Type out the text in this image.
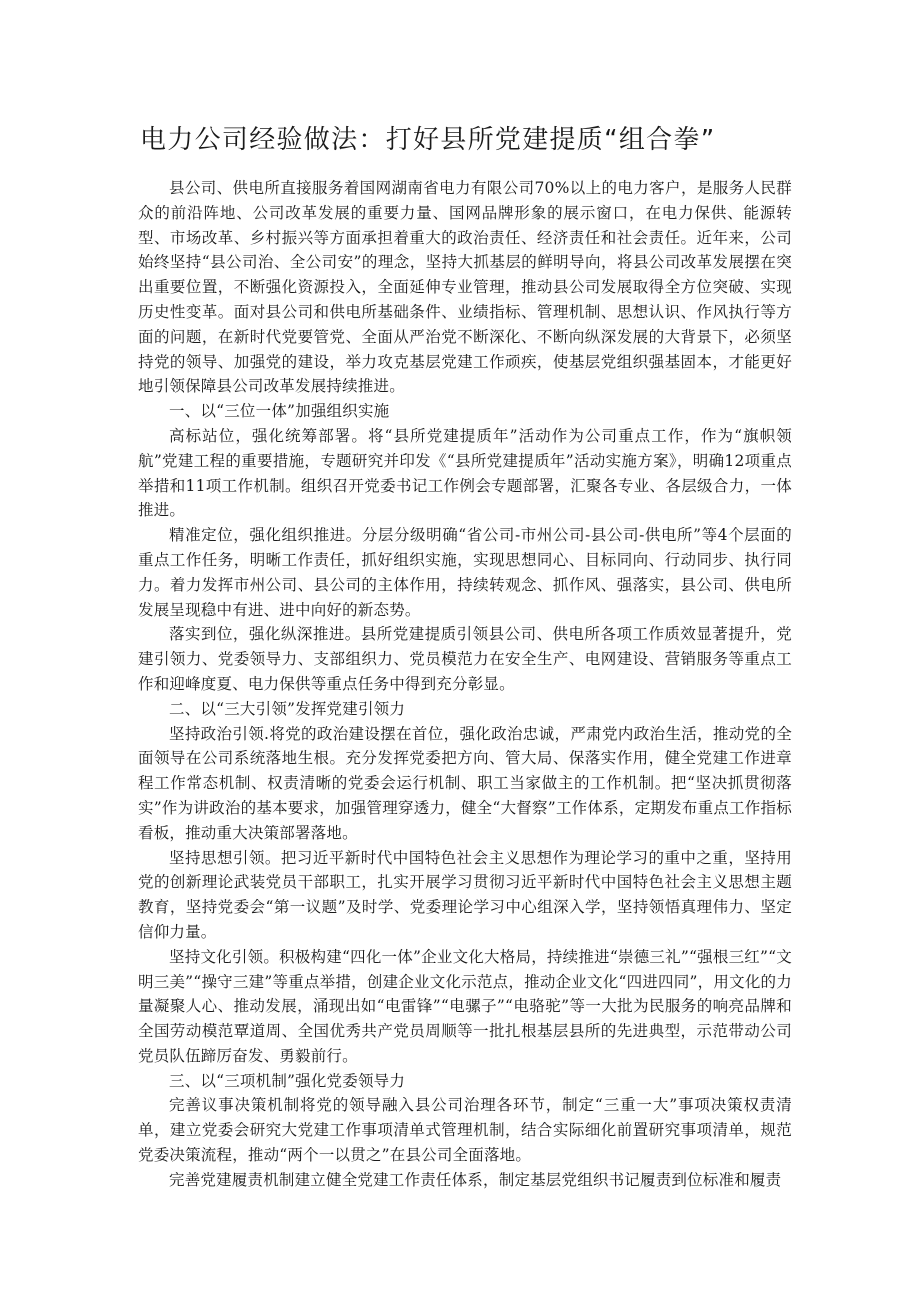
电力公司经验做法：打好县所党建提质“组合拳”

县公司、供电所直接服务着国网湖南省电力有限公司70%以上的电力客户，是服务人民群众的前沿阵地、公司改革发展的重要力量、国网品牌形象的展示窗口，在电力保供、能源转型、市场改革、乡村振兴等方面承担着重大的政治责任、经济责任和社会责任。近年来，公司始终坚持“县公司治、全公司安”的理念，坚持大抓基层的鲜明导向，将县公司改革发展摆在突出重要位置，不断强化资源投入，全面延伸专业管理，推动县公司发展取得全方位突破、实现历史性变革。面对县公司和供电所基础条件、业绩指标、管理机制、思想认识、作风执行等方面的问题，在新时代党要管党、全面从严治党不断深化、不断向纵深发展的大背景下，必须坚持党的领导、加强党的建设，举力攻克基层党建工作顽疾，使基层党组织强基固本，才能更好地引领保障县公司改革发展持续推进。

一、以“三位一体”加强组织实施

高标站位，强化统筹部署。将“县所党建提质年”活动作为公司重点工作，作为“旗帜领航”党建工程的重要措施，专题研究并印发《“县所党建提质年”活动实施方案》，明确12项重点举措和11项工作机制。组织召开党委书记工作例会专题部署，汇聚各专业、各层级合力，一体推进。

精准定位，强化组织推进。分层分级明确“省公司-市州公司-县公司-供电所”等4个层面的重点工作任务，明晰工作责任，抓好组织实施，实现思想同心、目标同向、行动同步、执行同力。着力发挥市州公司、县公司的主体作用，持续转观念、抓作风、强落实，县公司、供电所发展呈现稳中有进、进中向好的新态势。

落实到位，强化纵深推进。县所党建提质引领县公司、供电所各项工作质效显著提升，党建引领力、党委领导力、支部组织力、党员模范力在安全生产、电网建设、营销服务等重点工作和迎峰度夏、电力保供等重点任务中得到充分彰显。

二、以“三大引领”发挥党建引领力

坚持政治引领.将党的政治建设摆在首位，强化政治忠诚，严肃党内政治生活，推动党的全面领导在公司系统落地生根。充分发挥党委把方向、管大局、保落实作用，健全党建工作进章程工作常态机制、权责清晰的党委会运行机制、职工当家做主的工作机制。把“坚决抓贯彻落实”作为讲政治的基本要求，加强管理穿透力，健全“大督察”工作体系，定期发布重点工作指标看板，推动重大决策部署落地。

坚持思想引领。把习近平新时代中国特色社会主义思想作为理论学习的重中之重，坚持用党的创新理论武装党员干部职工，扎实开展学习贯彻习近平新时代中国特色社会主义思想主题教育，坚持党委会“第一议题”及时学、党委理论学习中心组深入学，坚持领悟真理伟力、坚定信仰力量。

坚持文化引领。积极构建“四化一体”企业文化大格局，持续推进“崇德三礼”“强根三红”“文明三美”“操守三建”等重点举措，创建企业文化示范点，推动企业文化“四进四同”，用文化的力量凝聚人心、推动发展，涌现出如“电雷锋”“电骡子”“电骆驼”等一大批为民服务的响亮品牌和全国劳动模范覃道周、全国优秀共产党员周顺等一批扎根基层县所的先进典型，示范带动公司党员队伍蹄厉奋发、勇毅前行。

三、以“三项机制”强化党委领导力

完善议事决策机制将党的领导融入县公司治理各环节，制定“三重一大”事项决策权责清单，建立党委会研究大党建工作事项清单式管理机制，结合实际细化前置研究事项清单，规范党委决策流程，推动“两个一以贯之”在县公司全面落地。

完善党建履责机制建立健全党建工作责任体系，制定基层党组织书记履责到位标准和履责
